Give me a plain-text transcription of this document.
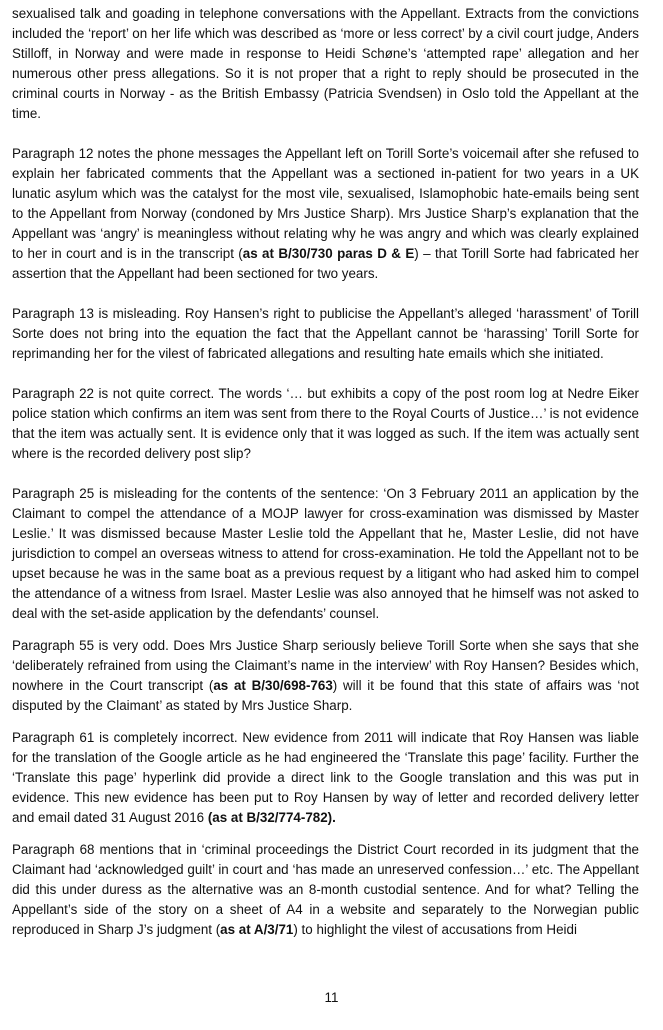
sexualised talk and goading in telephone conversations with the Appellant. Extracts from the convictions included the ‘report’ on her life which was described as ‘more or less correct’ by a civil court judge, Anders Stilloff, in Norway and were made in response to Heidi Schøne’s ‘attempted rape’ allegation and her numerous other press allegations. So it is not proper that a right to reply should be prosecuted in the criminal courts in Norway - as the British Embassy (Patricia Svendsen) in Oslo told the Appellant at the time.

Paragraph 12 notes the phone messages the Appellant left on Torill Sorte’s voicemail after she refused to explain her fabricated comments that the Appellant was a sectioned in-patient for two years in a UK lunatic asylum which was the catalyst for the most vile, sexualised, Islamophobic hate-emails being sent to the Appellant from Norway (condoned by Mrs Justice Sharp). Mrs Justice Sharp’s explanation that the Appellant was ‘angry’ is meaningless without relating why he was angry and which was clearly explained to her in court and is in the transcript (as at B/30/730 paras D & E) – that Torill Sorte had fabricated her assertion that the Appellant had been sectioned for two years.

Paragraph 13 is misleading. Roy Hansen’s right to publicise the Appellant’s alleged ‘harassment’ of Torill Sorte does not bring into the equation the fact that the Appellant cannot be ‘harassing’ Torill Sorte for reprimanding her for the vilest of fabricated allegations and resulting hate emails which she initiated.

Paragraph 22 is not quite correct. The words ‘… but exhibits a copy of the post room log at Nedre Eiker police station which confirms an item was sent from there to the Royal Courts of Justice…’ is not evidence that the item was actually sent. It is evidence only that it was logged as such. If the item was actually sent where is the recorded delivery post slip?

Paragraph 25 is misleading for the contents of the sentence: ‘On 3 February 2011 an application by the Claimant to compel the attendance of a MOJP lawyer for cross-examination was dismissed by Master Leslie.’ It was dismissed because Master Leslie told the Appellant that he, Master Leslie, did not have jurisdiction to compel an overseas witness to attend for cross-examination. He told the Appellant not to be upset because he was in the same boat as a previous request by a litigant who had asked him to compel the attendance of a witness from Israel. Master Leslie was also annoyed that he himself was not asked to deal with the set-aside application by the defendants’ counsel.

Paragraph 55 is very odd. Does Mrs Justice Sharp seriously believe Torill Sorte when she says that she ‘deliberately refrained from using the Claimant’s name in the interview’ with Roy Hansen? Besides which, nowhere in the Court transcript (as at B/30/698-763) will it be found that this state of affairs was ‘not disputed by the Claimant’ as stated by Mrs Justice Sharp.

Paragraph 61 is completely incorrect. New evidence from 2011 will indicate that Roy Hansen was liable for the translation of the Google article as he had engineered the ‘Translate this page’ facility. Further the ‘Translate this page’ hyperlink did provide a direct link to the Google translation and this was put in evidence. This new evidence has been put to Roy Hansen by way of letter and recorded delivery letter and email dated 31 August 2016 (as at B/32/774-782).

Paragraph 68 mentions that in ‘criminal proceedings the District Court recorded in its judgment that the Claimant had ‘acknowledged guilt’ in court and ‘has made an unreserved confession…’ etc. The Appellant did this under duress as the alternative was an 8-month custodial sentence. And for what? Telling the Appellant’s side of the story on a sheet of A4 in a website and separately to the Norwegian public reproduced in Sharp J’s judgment (as at A/3/71) to highlight the vilest of accusations from Heidi

11
